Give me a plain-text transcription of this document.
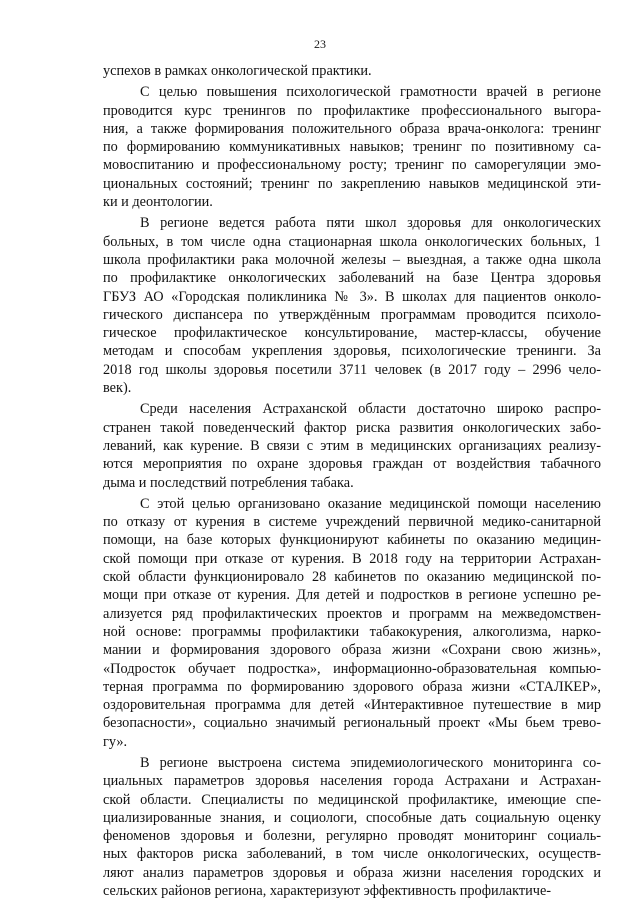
23
успехов в рамках онкологической практики.
С целью повышения психологической грамотности врачей в регионе
проводится курс тренингов по профилактике профессионального выгора-
ния, а также формирования положительного образа врача-онколога: тренинг
по формированию коммуникативных навыков; тренинг по позитивному са-
мовоспитанию и профессиональному росту; тренинг по саморегуляции эмо-
циональных состояний; тренинг по закреплению навыков медицинской эти-
ки и деонтологии.
В регионе ведется работа пяти школ здоровья для онкологических
больных, в том числе одна стационарная школа онкологических больных, 1
школа профилактики рака молочной железы – выездная, а также одна школа
по профилактике онкологических заболеваний на базе Центра здоровья
ГБУЗ АО «Городская поликлиника № 3». В школах для пациентов онколо-
гического диспансера по утверждённым программам проводится психоло-
гическое профилактическое консультирование, мастер-классы, обучение
методам и способам укрепления здоровья, психологические тренинги. За
2018 год школы здоровья посетили 3711 человек (в 2017 году – 2996 чело-
век).
Среди населения Астраханской области достаточно широко распро-
странен такой поведенческий фактор риска развития онкологических забо-
леваний, как курение. В связи с этим в медицинских организациях реализу-
ются мероприятия по охране здоровья граждан от воздействия табачного
дыма и последствий потребления табака.
С этой целью организовано оказание медицинской помощи населению
по отказу от курения в системе учреждений первичной медико-санитарной
помощи, на базе которых функционируют кабинеты по оказанию медицин-
ской помощи при отказе от курения. В 2018 году на территории Астрахан-
ской области функционировало 28 кабинетов по оказанию медицинской по-
мощи при отказе от курения. Для детей и подростков в регионе успешно ре-
ализуется ряд профилактических проектов и программ на межведомствен-
ной основе: программы профилактики табакокурения, алкоголизма, нарко-
мании и формирования здорового образа жизни «Сохрани свою жизнь»,
«Подросток обучает подростка», информационно-образовательная компью-
терная программа по формированию здорового образа жизни «СТАЛКЕР»,
оздоровительная программа для детей «Интерактивное путешествие в мир
безопасности», социально значимый региональный проект «Мы бьем трево-
гу».
В регионе выстроена система эпидемиологического мониторинга со-
циальных параметров здоровья населения города Астрахани и Астрахан-
ской области. Специалисты по медицинской профилактике, имеющие спе-
циализированные знания, и социологи, способные дать социальную оценку
феноменов здоровья и болезни, регулярно проводят мониторинг социаль-
ных факторов риска заболеваний, в том числе онкологических, осуществ-
ляют анализ параметров здоровья и образа жизни населения городских и
сельских районов региона, характеризуют эффективность профилактиче-
